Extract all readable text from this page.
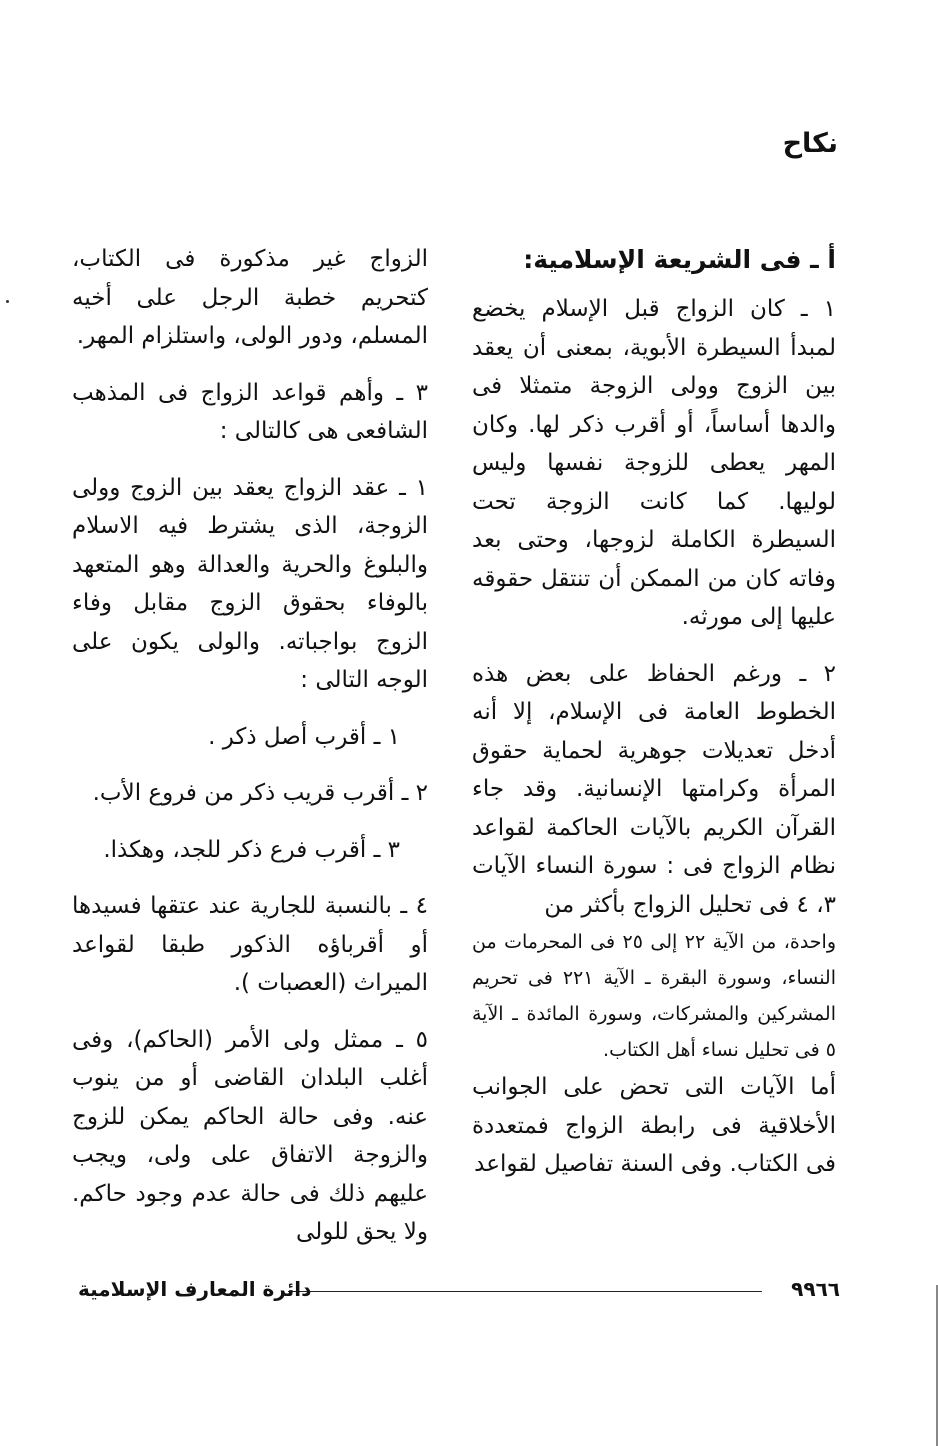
نكاح
أ ـ فى الشريعة الإسلامية:

١ ـ كان الزواج قبل الإسلام يخضع لمبدأ السيطرة الأبوية، بمعنى أن يعقد بين الزوج وولى الزوجة متمثلا فى والدها أساساً، أو أقرب ذكر لها. وكان المهر يعطى للزوجة نفسها وليس لوليها. كما كانت الزوجة تحت السيطرة الكاملة لزوجها، وحتى بعد وفاته كان من الممكن أن تنتقل حقوقه عليها إلى مورثه.

٢ ـ ورغم الحفاظ على بعض هذه الخطوط العامة فى الإسلام، إلا أنه أدخل تعديلات جوهرية لحماية حقوق المرأة وكرامتها الإنسانية. وقد جاء القرآن الكريم بالآيات الحاكمة لقواعد نظام الزواج فى : سورة النساء الآيات ٣، ٤ فى تحليل الزواج بأكثر من

واحدة، من الآية ٢٢ إلى ٢٥ فى المحرمات من النساء، وسورة البقرة ـ الآية ٢٢١ فى تحريم المشركين والمشركات، وسورة المائدة ـ الآية ٥ فى تحليل نساء أهل الكتاب.

أما الآيات التى تحض على الجوانب الأخلاقية فى رابطة الزواج فمتعددة فى الكتاب. وفى السنة تفاصيل لقواعد

الزواج غير مذكورة فى الكتاب، كتحريم خطبة الرجل على أخيه المسلم، ودور الولى، واستلزام المهر.

٣ ـ وأهم قواعد الزواج فى المذهب الشافعى هى كالتالى :

١ ـ عقد الزواج يعقد بين الزوج وولى الزوجة، الذى يشترط فيه الاسلام والبلوغ والحرية والعدالة وهو المتعهد بالوفاء بحقوق الزوج مقابل وفاء الزوج بواجباته. والولى يكون على الوجه التالى :

١ ـ أقرب أصل ذكر .

٢ ـ أقرب قريب ذكر من فروع الأب.

٣ ـ أقرب فرع ذكر للجد، وهكذا.

٤ ـ بالنسبة للجارية عند عتقها فسيدها أو أقرباؤه الذكور طبقا لقواعد الميراث (العصبات ).

٥ ـ ممثل ولى الأمر (الحاكم)، وفى أغلب البلدان القاضى أو من ينوب عنه. وفى حالة الحاكم يمكن للزوج والزوجة الاتفاق على ولى، ويجب عليهم ذلك فى حالة عدم وجود حاكم. ولا يحق للولى

٩٩٦٦
دائرة المعارف الإسلامية
